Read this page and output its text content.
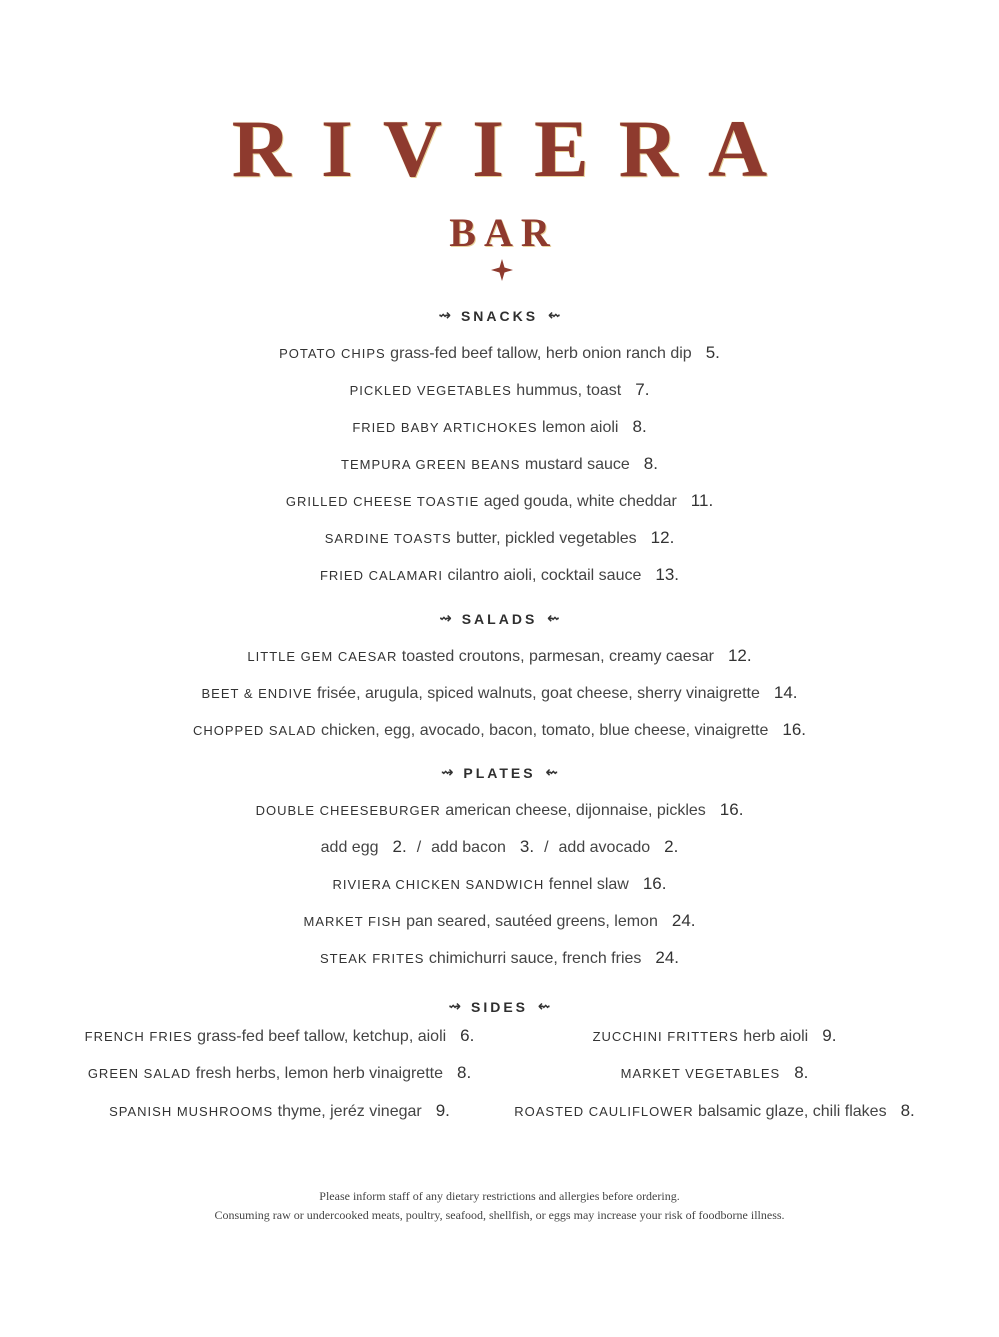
RIVIERA
BAR
⇝ SNACKS ⇜
POTATO CHIPS grass-fed beef tallow, herb onion ranch dip 5.
PICKLED VEGETABLES hummus, toast 7.
FRIED BABY ARTICHOKES lemon aioli 8.
TEMPURA GREEN BEANS mustard sauce 8.
GRILLED CHEESE TOASTIE aged gouda, white cheddar 11.
SARDINE TOASTS butter, pickled vegetables 12.
FRIED CALAMARI cilantro aioli, cocktail sauce 13.
⇝ SALADS ⇜
LITTLE GEM CAESAR toasted croutons, parmesan, creamy caesar 12.
BEET & ENDIVE frisée, arugula, spiced walnuts, goat cheese, sherry vinaigrette 14.
CHOPPED SALAD chicken, egg, avocado, bacon, tomato, blue cheese, vinaigrette 16.
⇝ PLATES ⇜
DOUBLE CHEESEBURGER american cheese, dijonnaise, pickles 16.
add egg 2. / add bacon 3. / add avocado 2.
RIVIERA CHICKEN SANDWICH fennel slaw 16.
MARKET FISH pan seared, sautéed greens, lemon 24.
STEAK FRITES chimichurri sauce, french fries 24.
⇝ SIDES ⇜
FRENCH FRIES grass-fed beef tallow, ketchup, aioli 6.
GREEN SALAD fresh herbs, lemon herb vinaigrette 8.
SPANISH MUSHROOMS thyme, jeréz vinegar 9.
ZUCCHINI FRITTERS herb aioli 9.
MARKET VEGETABLES 8.
ROASTED CAULIFLOWER balsamic glaze, chili flakes 8.
Please inform staff of any dietary restrictions and allergies before ordering.
Consuming raw or undercooked meats, poultry, seafood, shellfish, or eggs may increase your risk of foodborne illness.
